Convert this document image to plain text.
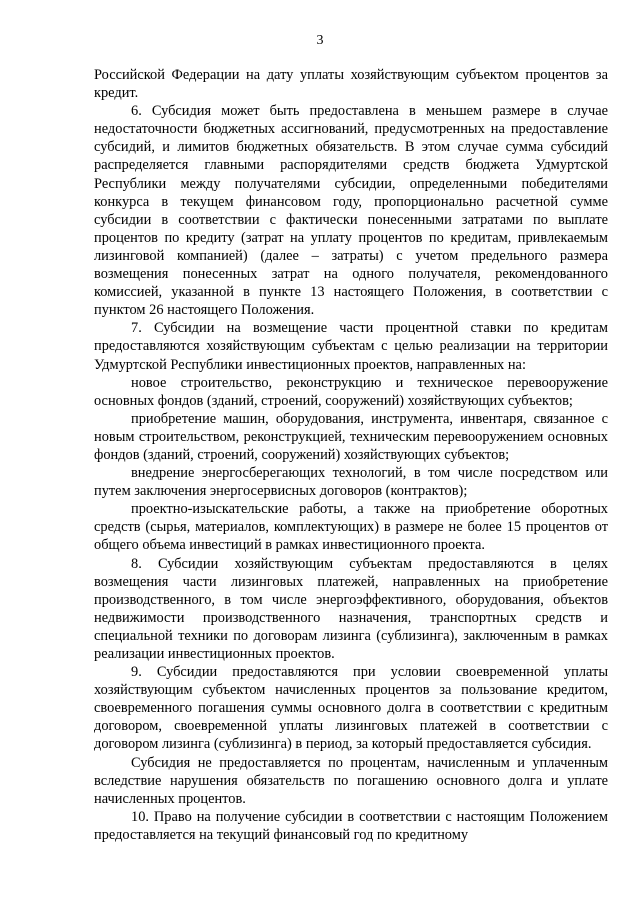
3

Российской Федерации на дату уплаты хозяйствующим субъектом процентов за кредит.

6. Субсидия может быть предоставлена в меньшем размере в случае недостаточности бюджетных ассигнований, предусмотренных на предоставление субсидий, и лимитов бюджетных обязательств. В этом случае сумма субсидий распределяется главными распорядителями средств бюджета Удмуртской Республики между получателями субсидии, определенными победителями конкурса в текущем финансовом году, пропорционально расчетной сумме субсидии в соответствии с фактически понесенными затратами по выплате процентов по кредиту (затрат на уплату процентов по кредитам, привлекаемым лизинговой компанией) (далее – затраты) с учетом предельного размера возмещения понесенных затрат на одного получателя, рекомендованного комиссией, указанной в пункте 13 настоящего Положения, в соответствии с пунктом 26 настоящего Положения.

7. Субсидии на возмещение части процентной ставки по кредитам предоставляются хозяйствующим субъектам с целью реализации на территории Удмуртской Республики инвестиционных проектов, направленных на:

новое строительство, реконструкцию и техническое перевооружение основных фондов (зданий, строений, сооружений) хозяйствующих субъектов;

приобретение машин, оборудования, инструмента, инвентаря, связанное с новым строительством, реконструкцией, техническим перевооружением основных фондов (зданий, строений, сооружений) хозяйствующих субъектов;

внедрение энергосберегающих технологий, в том числе посредством или путем заключения энергосервисных договоров (контрактов);

проектно-изыскательские работы, а также на приобретение оборотных средств (сырья, материалов, комплектующих) в размере не более 15 процентов от общего объема инвестиций в рамках инвестиционного проекта.

8. Субсидии хозяйствующим субъектам предоставляются в целях возмещения части лизинговых платежей, направленных на приобретение производственного, в том числе энергоэффективного, оборудования, объектов недвижимости производственного назначения, транспортных средств и специальной техники по договорам лизинга (сублизинга), заключенным в рамках реализации инвестиционных проектов.

9. Субсидии предоставляются при условии своевременной уплаты хозяйствующим субъектом начисленных процентов за пользование кредитом, своевременного погашения суммы основного долга в соответствии с кредитным договором, своевременной уплаты лизинговых платежей в соответствии с договором лизинга (сублизинга) в период, за который предоставляется субсидия.

Субсидия не предоставляется по процентам, начисленным и уплаченным вследствие нарушения обязательств по погашению основного долга и уплате начисленных процентов.

10. Право на получение субсидии в соответствии с настоящим Положением предоставляется на текущий финансовый год по кредитному
